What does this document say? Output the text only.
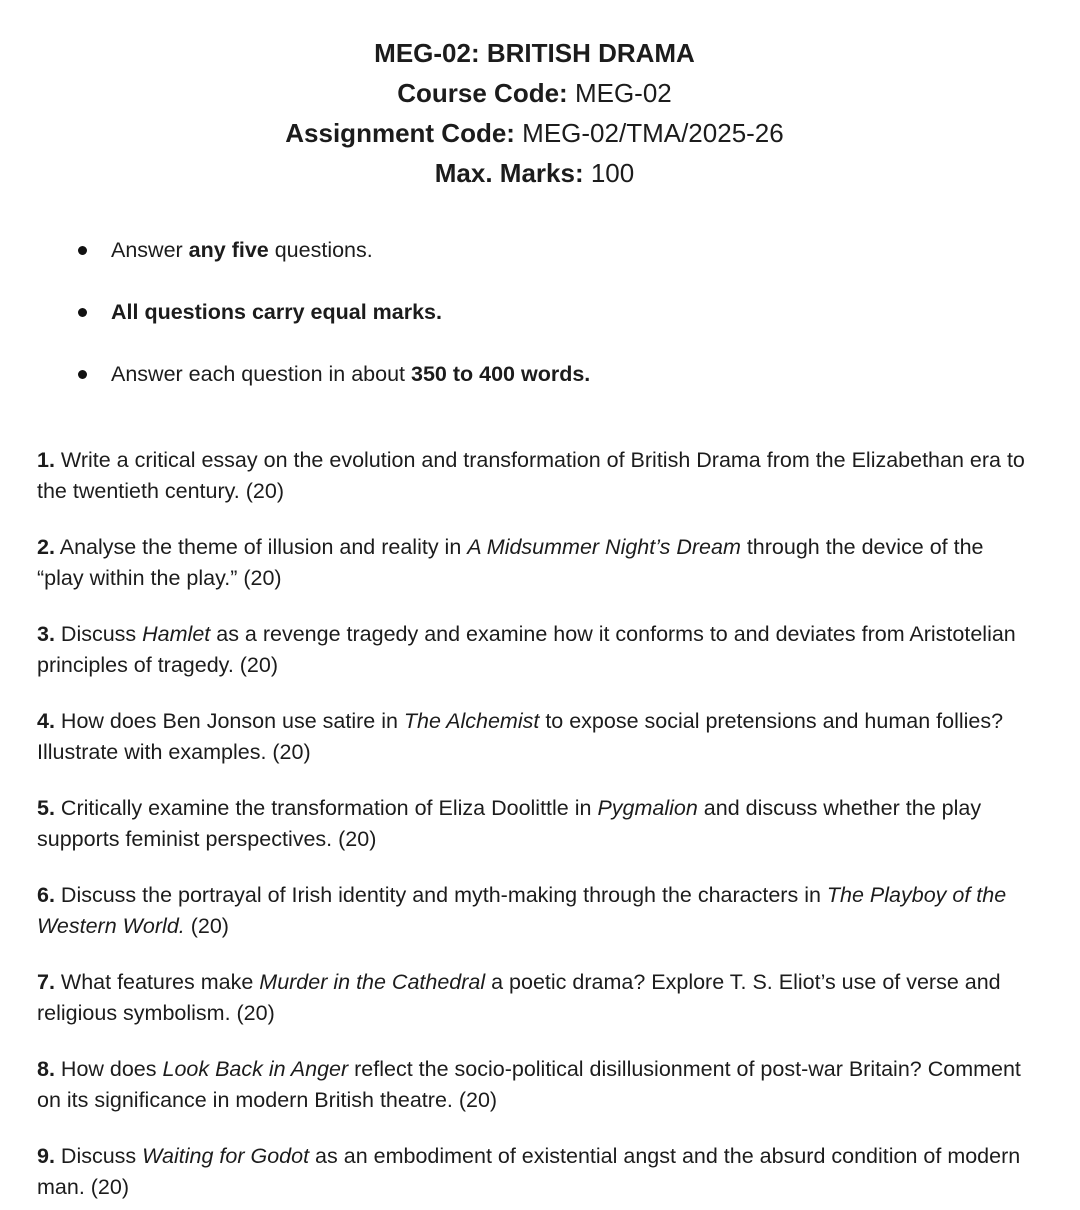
MEG-02: BRITISH DRAMA
Course Code: MEG-02
Assignment Code: MEG-02/TMA/2025-26
Max. Marks: 100
Answer any five questions.
All questions carry equal marks.
Answer each question in about 350 to 400 words.

1. Write a critical essay on the evolution and transformation of British Drama from the Elizabethan era to the twentieth century. (20)

2. Analyse the theme of illusion and reality in A Midsummer Night’s Dream through the device of the “play within the play.” (20)

3. Discuss Hamlet as a revenge tragedy and examine how it conforms to and deviates from Aristotelian principles of tragedy. (20)

4. How does Ben Jonson use satire in The Alchemist to expose social pretensions and human follies? Illustrate with examples. (20)

5. Critically examine the transformation of Eliza Doolittle in Pygmalion and discuss whether the play supports feminist perspectives. (20)

6. Discuss the portrayal of Irish identity and myth-making through the characters in The Playboy of the Western World. (20)

7. What features make Murder in the Cathedral a poetic drama? Explore T. S. Eliot’s use of verse and religious symbolism. (20)

8. How does Look Back in Anger reflect the socio-political disillusionment of post-war Britain? Comment on its significance in modern British theatre. (20)

9. Discuss Waiting for Godot as an embodiment of existential angst and the absurd condition of modern man. (20)
